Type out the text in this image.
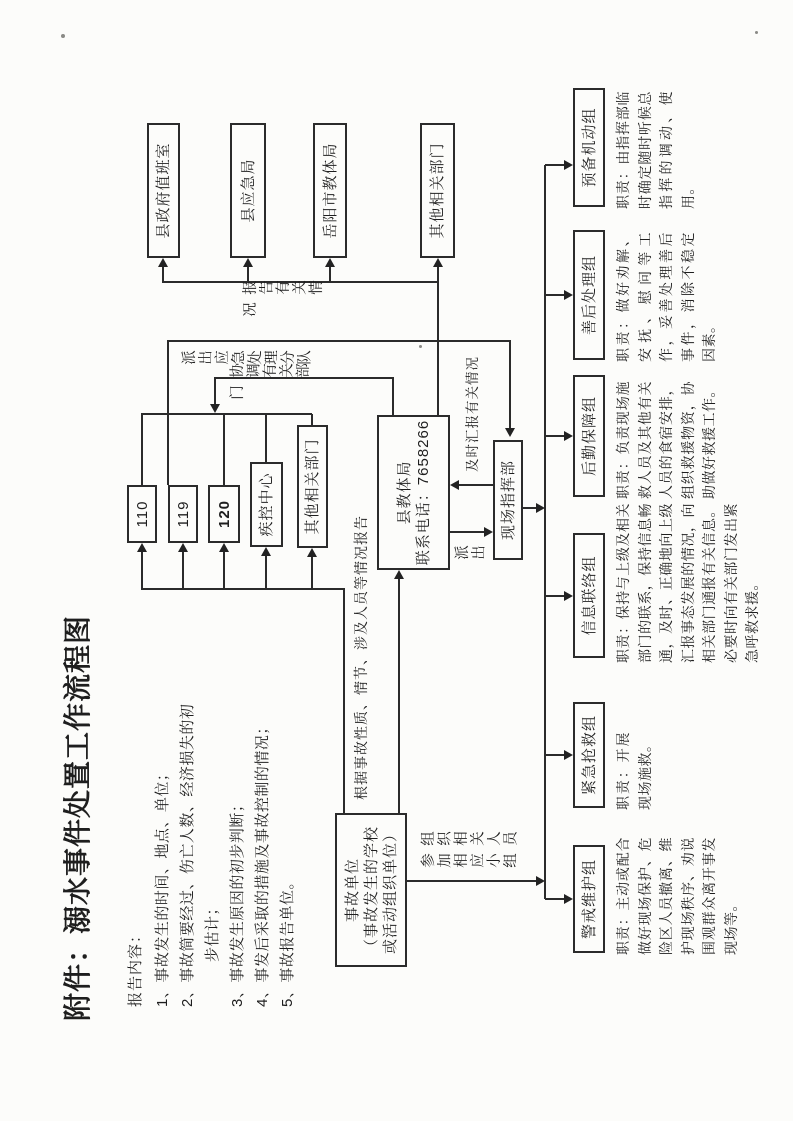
附件：溺水事件处置工作流程图 报告内容： 1、事故发生的时间、地点、单位； 2、事故简要经过、伤亡人数、经济损失的初步估计； 3、事故发生原因的初步判断； 4、事发后采取的措施及事故控制的情况； 5、事故报告单位。	事故单位 （事故发生的学校 或活动组织单位）
县教体局 联系电话：7658266	现场指挥部
110 119 120 疾控中心 其他相关部门
县政府值班室	县应急局	岳阳市教体局	其他相关部门
警戒维护组
紧急抢救组
信息联络组
后勤保障组
善后处理组
预备机动组
职责：主动或配合做好现场保护、危险区人员撤离、维护现场秩序、劝说围观群众离开事发现场等。
职责：开展现场施救。
职责：保持与上级及相关部门的联系，保持信息畅通，及时、正确地向上级汇报事态发展的情况，向相关部门通报有关信息。必要时向有关部门发出紧急呼救求援。
职责：负责现场施救人员及其他有关人员的食宿安排，组织救援物资，协助做好救援工作。
职责：做好劝解、安抚、慰问等工作，妥善处理善后事件，消除不稳定因素。
职责：由指挥部临时确定随时听候总指挥的调动、使用。
根据事故性质、情节、涉及人员等情况报告
组织相关人员参加相应小组
派出
及时汇报有关情况
派出应急处理分队
协调有关部门
报告有关情况
